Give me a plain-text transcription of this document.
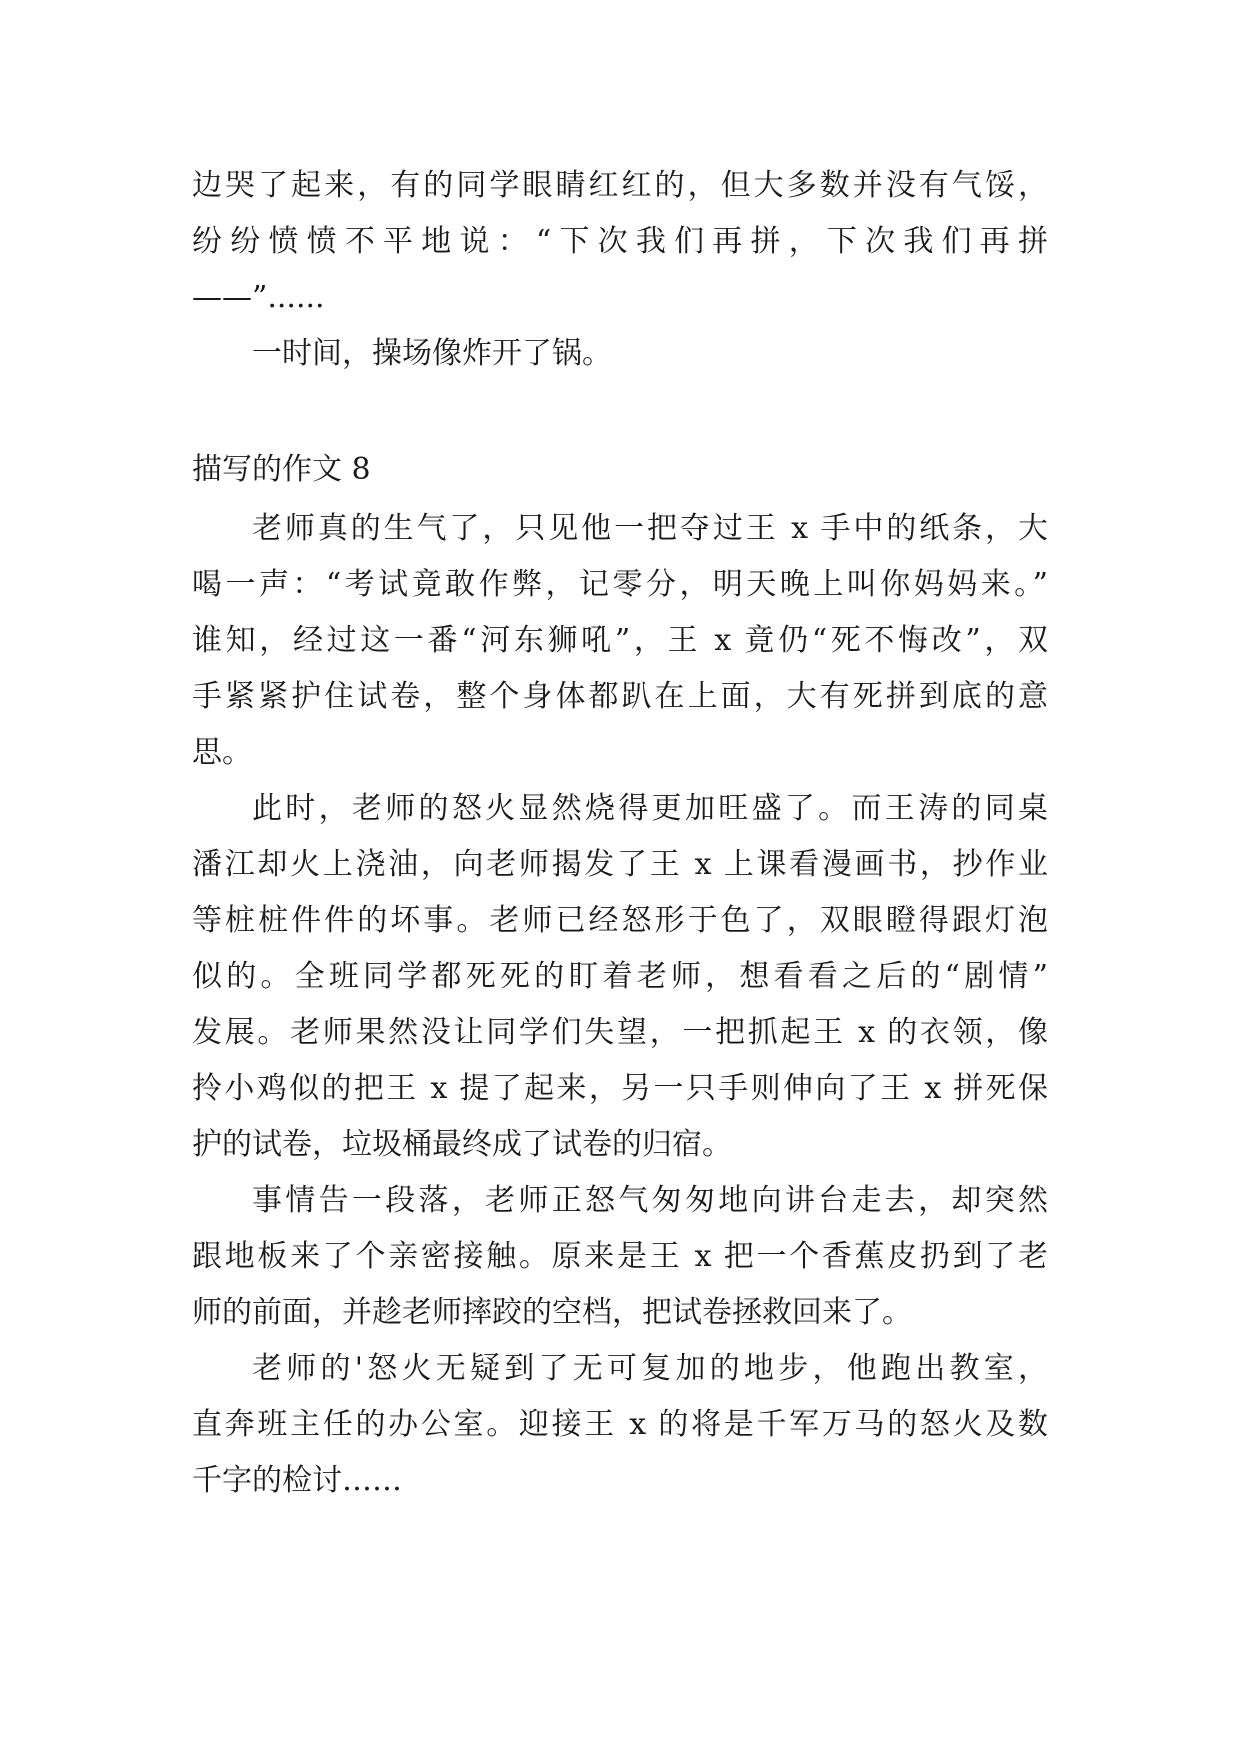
边哭了起来，有的同学眼睛红红的，但大多数并没有气馁，
纷纷愤愤不平地说：“下次我们再拼，下次我们再拼
——”......
一时间，操场像炸开了锅。
描写的作文 8
老师真的生气了，只见他一把夺过王 x 手中的纸条，大
喝一声：“考试竟敢作弊，记零分，明天晚上叫你妈妈来。”
谁知，经过这一番“河东狮吼”，王 x 竟仍“死不悔改”，双
手紧紧护住试卷，整个身体都趴在上面，大有死拼到底的意
思。
此时，老师的怒火显然烧得更加旺盛了。而王涛的同桌
潘江却火上浇油，向老师揭发了王 x 上课看漫画书，抄作业
等桩桩件件的坏事。老师已经怒形于色了，双眼瞪得跟灯泡
似的。全班同学都死死的盯着老师，想看看之后的“剧情”
发展。老师果然没让同学们失望，一把抓起王 x 的衣领，像
拎小鸡似的把王 x 提了起来，另一只手则伸向了王 x 拼死保
护的试卷，垃圾桶最终成了试卷的归宿。
事情告一段落，老师正怒气匆匆地向讲台走去，却突然
跟地板来了个亲密接触。原来是王 x 把一个香蕉皮扔到了老
师的前面，并趁老师摔跤的空档，把试卷拯救回来了。
老师的'怒火无疑到了无可复加的地步，他跑出教室，
直奔班主任的办公室。迎接王 x 的将是千军万马的怒火及数
千字的检讨……
